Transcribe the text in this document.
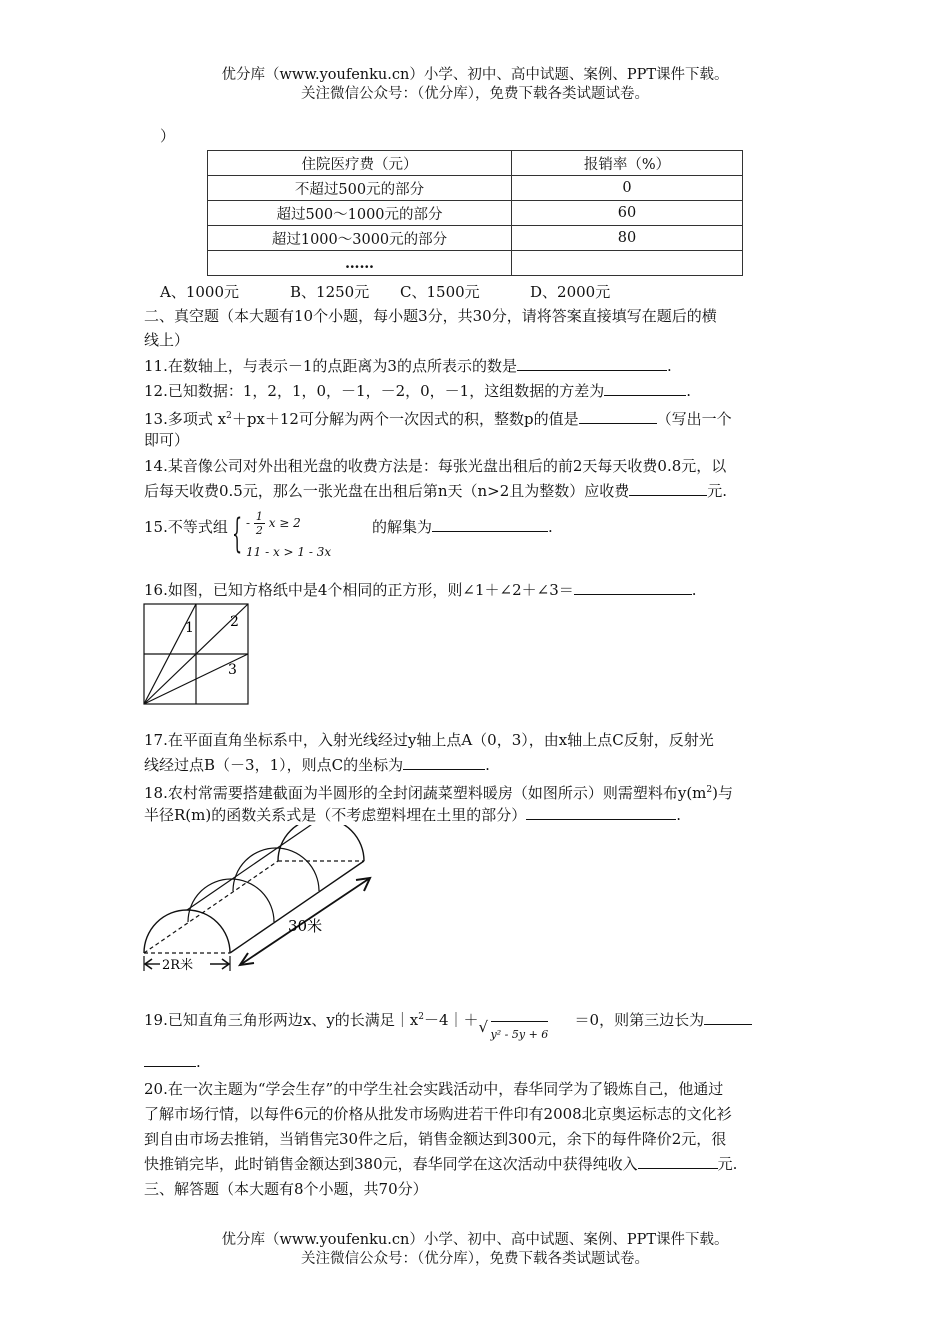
优分库（www.youfenku.cn）小学、初中、高中试题、案例、PPT课件下载。
关注微信公众号：（优分库），免费下载各类试题试卷。
）
住院医疗费（元）	报销率（%）
不超过500元的部分	0
超过500～1000元的部分	60
超过1000～3000元的部分	80
……	
A、1000元	B、1250元 C、1500元	D、2000元
二、真空题（本大题有10个小题，每小题3分，共30分，请将答案直接填写在题后的横
线上）
11.在数轴上，与表示－1的点距离为3的点所表示的数是	.
12.已知数据：1，2，1，0，－1，－2，0，－1，这组数据的方差为	.
13.多项式 $x^2+px+12$可分解为两个一次因式的积，整数p的值是	（写出一个
即可）
14.某音像公司对外出租光盘的收费方法是：每张光盘出租后的前2天每天收费0.8元，以
后每天收费0.5元，那么一张光盘在出租后第n天（n>2且为整数）应收费	元.
15.不等式组 { - $\frac{1}{2}$ x ≥ 2
11 - x > 1 - 3x
的解集为	.
16.如图，已知方格纸中是4个相同的正方形，则∠1＋∠2＋∠3＝	.
1	2
3
17.在平面直角坐标系中，入射光线经过y轴上点A（0，3），由x轴上点C反射，反射光
线经过点B（－3，1），则点C的坐标为	.
18.农村常需要搭建截面为半圆形的全封闭蔬菜塑料暖房（如图所示）则需塑料布$y(m^2)$与
半径R(m)的函数关系式是（不考虑塑料埋在土里的部分）	.
30米
2R米
19.已知直角三角形两边x、y的长满足$|x^2-4|+$ √ y² - 5y + 6
＝0，则第三边长为
.
20.在一次主题为“学会生存”的中学生社会实践活动中，春华同学为了锻炼自己，他通过
了解市场行情，以每件6元的价格从批发市场购进若干件印有2008北京奥运标志的文化衫
到自由市场去推销，当销售完30件之后，销售金额达到300元，余下的每件降价2元，很
快推销完毕，此时销售金额达到380元，春华同学在这次活动中获得纯收入	元.
三、解答题（本大题有8个小题，共70分）
优分库（www.youfenku.cn）小学、初中、高中试题、案例、PPT课件下载。
关注微信公众号：（优分库），免费下载各类试题试卷。
